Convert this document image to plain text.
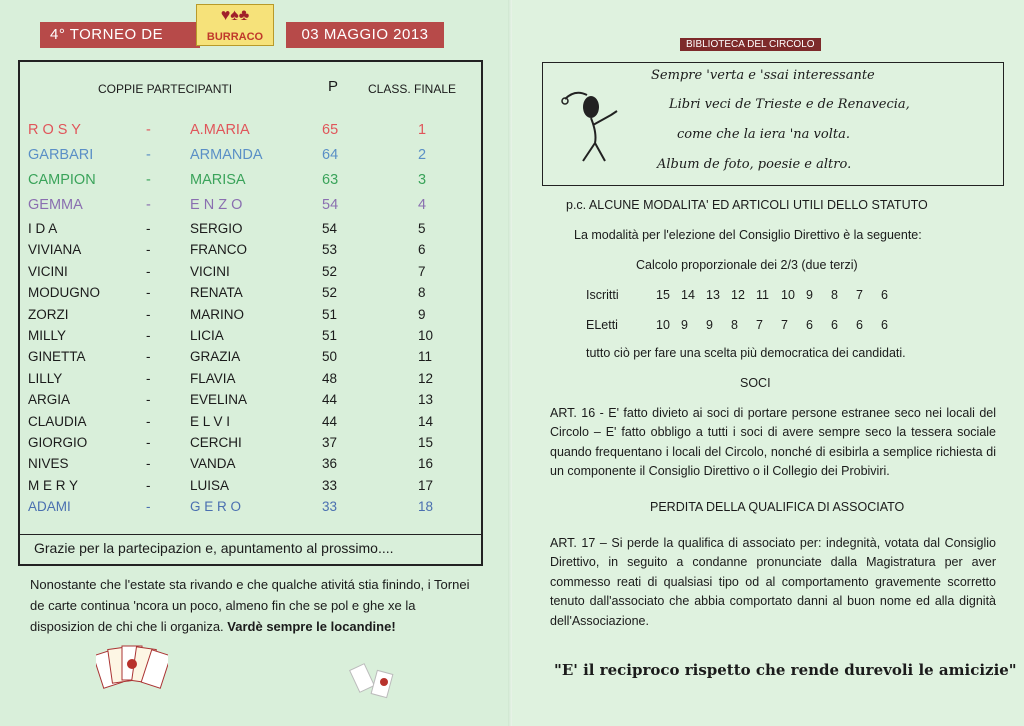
4° TORNEO DE	03 MAGGIO 2013
♥♠♣
BURRACO
COPPIE PARTECIPANTI	P CLASS. FINALE
R O S Y	-	A.MARIA	65	1
GARBARI	-	ARMANDA	64	2
CAMPION	-	MARISA	63	3
GEMMA	-	E N Z O	54	4
I D A	-	SERGIO	54	5
VIVIANA	-	FRANCO	53	6
VICINI	-	VICINI	52	7
MODUGNO	-	RENATA	52	8
ZORZI	-	MARINO	51	9
MILLY	-	LICIA	51	10
GINETTA	-	GRAZIA	50	11
LILLY	-	FLAVIA	48	12
ARGIA	-	EVELINA	44	13
CLAUDIA	-	E L V I	44	14
GIORGIO	-	CERCHI	37	15
NIVES	-	VANDA	36	16
M E R Y	-	LUISA	33	17
ADAMI	-	G E R O	33	18
Grazie per la partecipazion e, apuntamento al prossimo....
Nonostante che l'estate sta rivando e che qualche ativitá stia finindo, i Tornei de carte continua 'ncora un poco, almeno fin che se pol e ghe xe la disposizion de chi che li organiza. Vardè sempre le locandine!
BIBLIOTECA DEL CIRCOLO
Sempre 'verta e 'ssai interessante
Libri veci de Trieste e de Renavecia,
come che la iera 'na volta.
Album de foto, poesie e altro.
p.c. ALCUNE MODALITA' ED ARTICOLI UTILI DELLO STATUTO
La modalità per l'elezione del Consiglio Direttivo è la seguente:
Calcolo proporzionale dei 2/3 (due terzi)
Iscritti	15 14 13 12 11 10 9 8 7 6
ELetti	10 9 9 8 7 7 6 6 6 6
tutto ciò per fare una scelta più democratica dei candidati.
SOCI
ART. 16 - E' fatto divieto ai soci di portare persone estranee seco nei locali del Circolo – E' fatto obbligo a tutti i soci di avere sempre seco la tessera sociale quando frequentano i locali del Circolo, nonché di esibirla a semplice richiesta di un componente il Consiglio Direttivo o il Collegio dei Probiviri.
PERDITA DELLA QUALIFICA DI ASSOCIATO
ART. 17 – Si perde la qualifica di associato per: indegnità, votata dal Consiglio Direttivo, in seguito a condanne pronunciate dalla Magistratura per aver commesso reati di qualsiasi tipo od al comportamento gravemente scorretto tenuto dall'associato che abbia comportato danni al buon nome ed alla dignità dell'Associazione.
"E' il reciproco rispetto che rende durevoli le amicizie"
